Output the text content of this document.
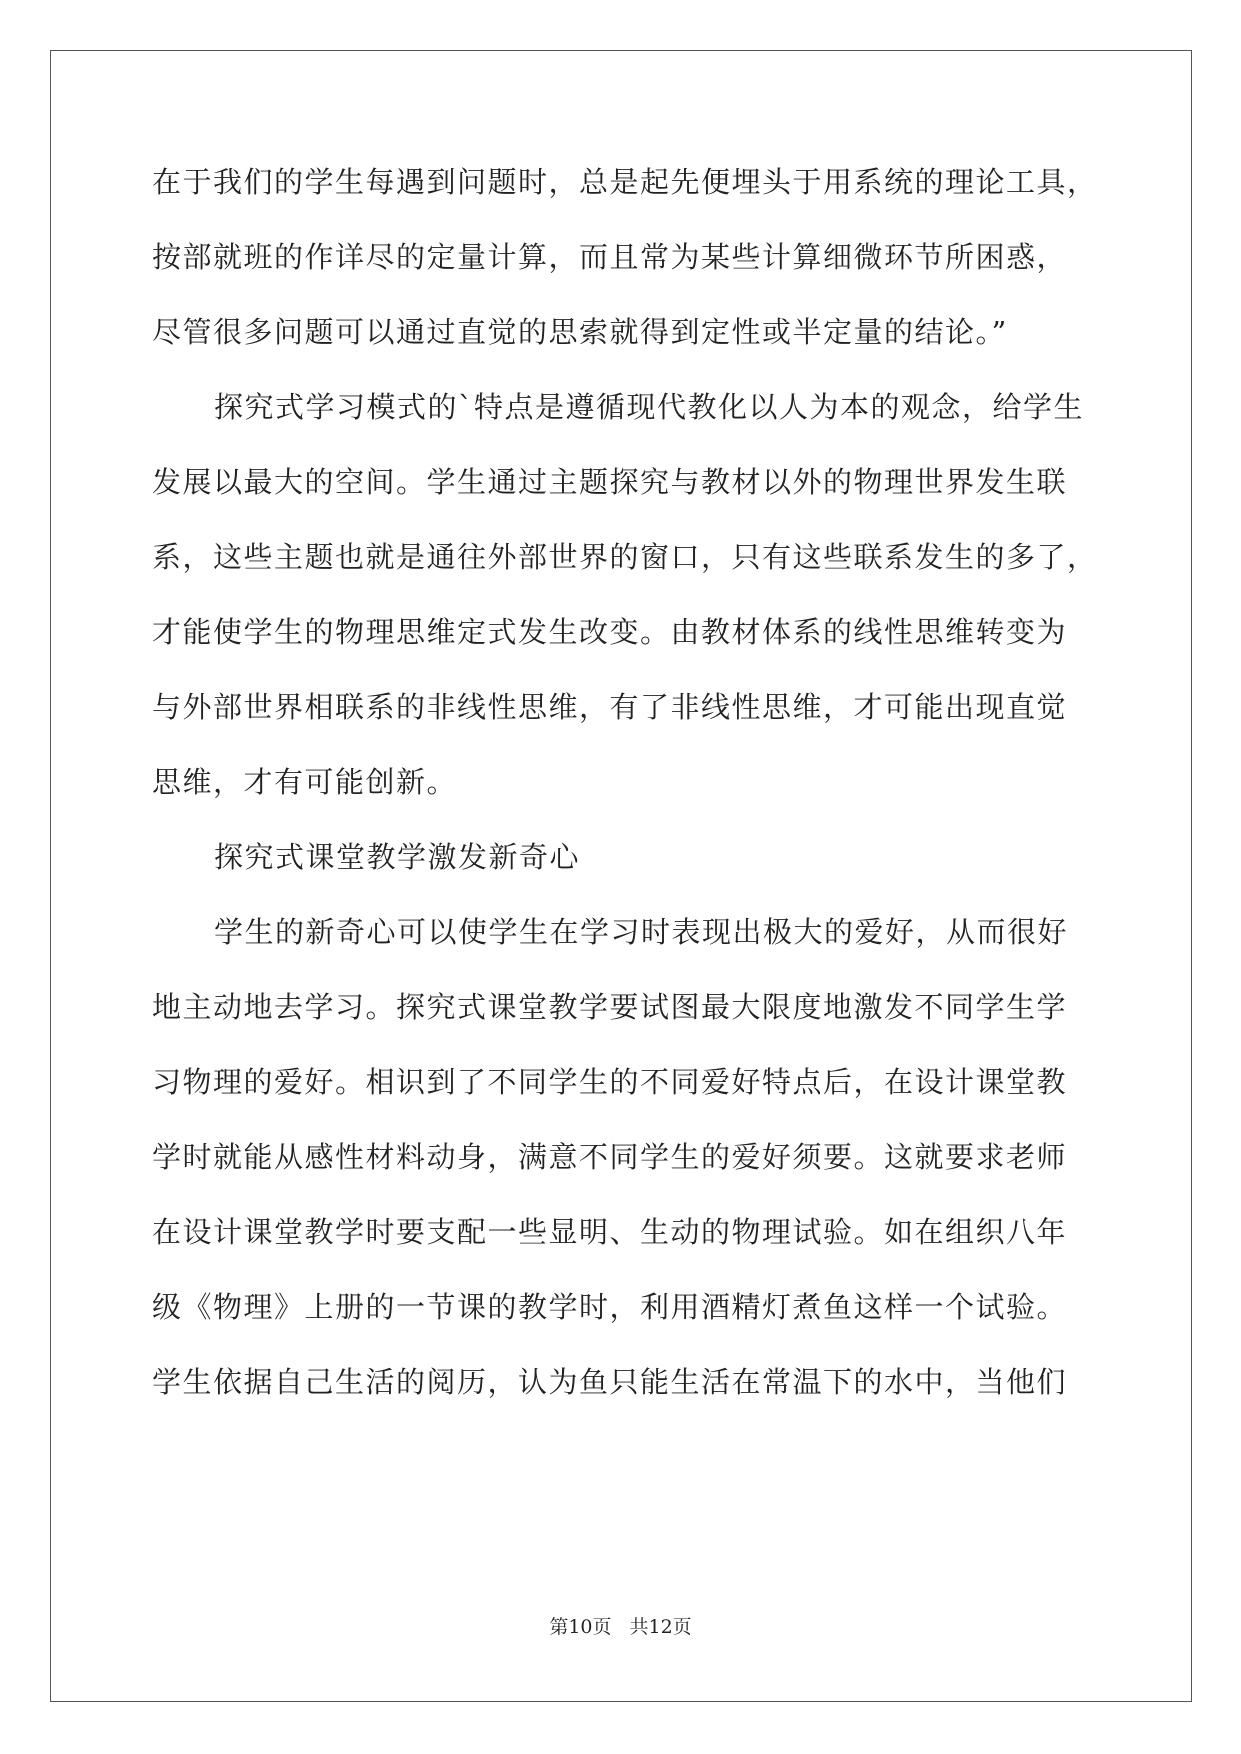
在于我们的学生每遇到问题时，总是起先便埋头于用系统的理论工具，
按部就班的作详尽的定量计算，而且常为某些计算细微环节所困惑，
尽管很多问题可以通过直觉的思索就得到定性或半定量的结论。”
探究式学习模式的`特点是遵循现代教化以人为本的观念，给学生
发展以最大的空间。学生通过主题探究与教材以外的物理世界发生联
系，这些主题也就是通往外部世界的窗口，只有这些联系发生的多了，
才能使学生的物理思维定式发生改变。由教材体系的线性思维转变为
与外部世界相联系的非线性思维，有了非线性思维，才可能出现直觉
思维，才有可能创新。
探究式课堂教学激发新奇心
学生的新奇心可以使学生在学习时表现出极大的爱好，从而很好
地主动地去学习。探究式课堂教学要试图最大限度地激发不同学生学
习物理的爱好。相识到了不同学生的不同爱好特点后，在设计课堂教
学时就能从感性材料动身，满意不同学生的爱好须要。这就要求老师
在设计课堂教学时要支配一些显明、生动的物理试验。如在组织八年
级《物理》上册的一节课的教学时，利用酒精灯煮鱼这样一个试验。
学生依据自己生活的阅历，认为鱼只能生活在常温下的水中，当他们
第10页 共12页
